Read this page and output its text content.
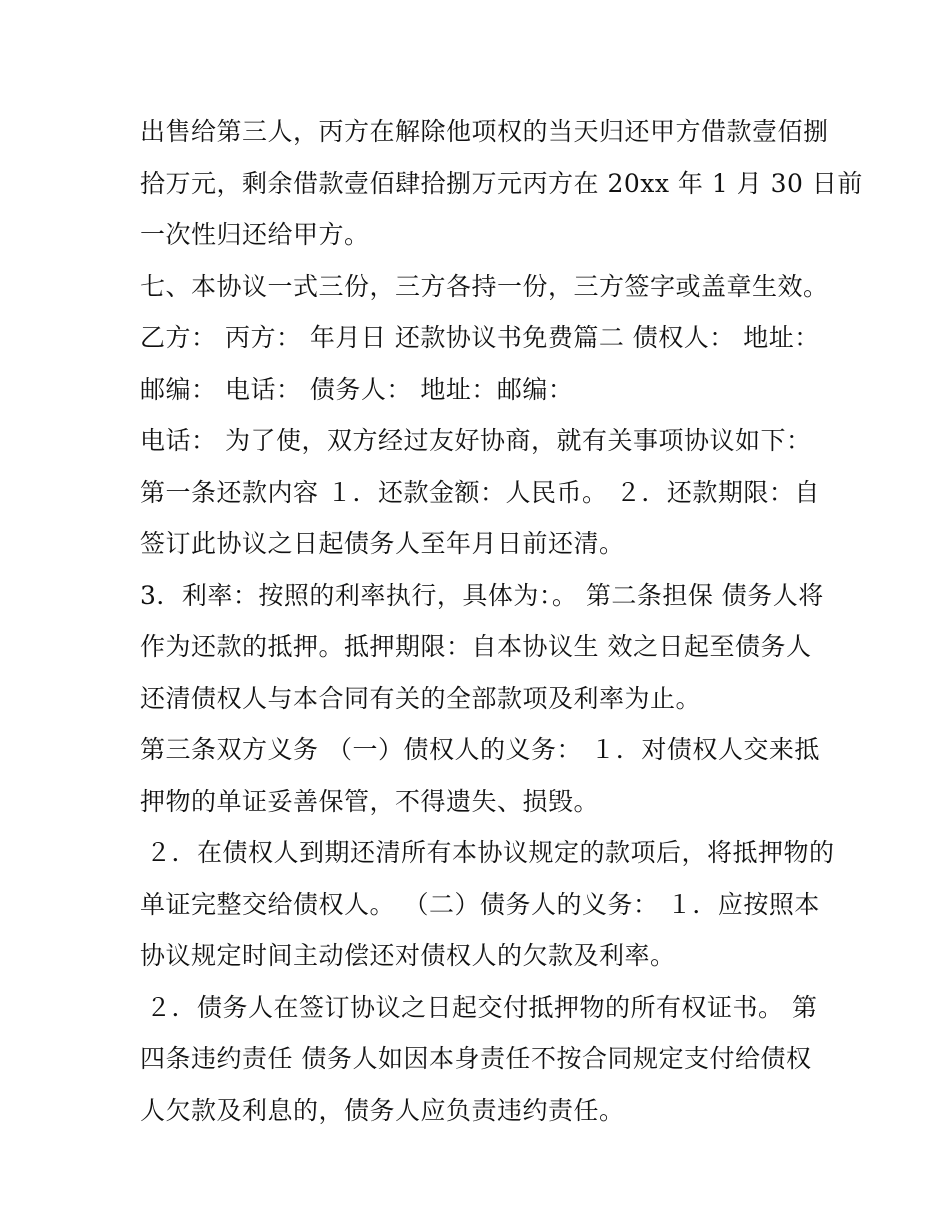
出售给第三人，丙方在解除他项权的当天归还甲方借款壹佰捌
拾万元，剩余借款壹佰肆拾捌万元丙方在 20xx 年 1 月 30 日前
一次性归还给甲方。
七、本协议一式三份，三方各持一份，三方签字或盖章生效。
乙方： 丙方： 年月日 还款协议书免费篇二 债权人： 地址：
邮编： 电话： 债务人： 地址：邮编：
电话： 为了使，双方经过友好协商，就有关事项协议如下：
第一条还款内容 １．还款金额：人民币。 ２．还款期限：自
签订此协议之日起债务人至年月日前还清。
3．利率：按照的利率执行，具体为：。 第二条担保 债务人将
作为还款的抵押。抵押期限：自本协议生 效之日起至债务人
还清债权人与本合同有关的全部款项及利率为止。
第三条双方义务 （一）债权人的义务： １．对债权人交来抵
押物的单证妥善保管，不得遗失、损毁。
２．在债权人到期还清所有本协议规定的款项后，将抵押物的
单证完整交给债权人。 （二）债务人的义务： １．应按照本
协议规定时间主动偿还对债权人的欠款及利率。
２．债务人在签订协议之日起交付抵押物的所有权证书。 第
四条违约责任 债务人如因本身责任不按合同规定支付给债权
人欠款及利息的，债务人应负责违约责任。
